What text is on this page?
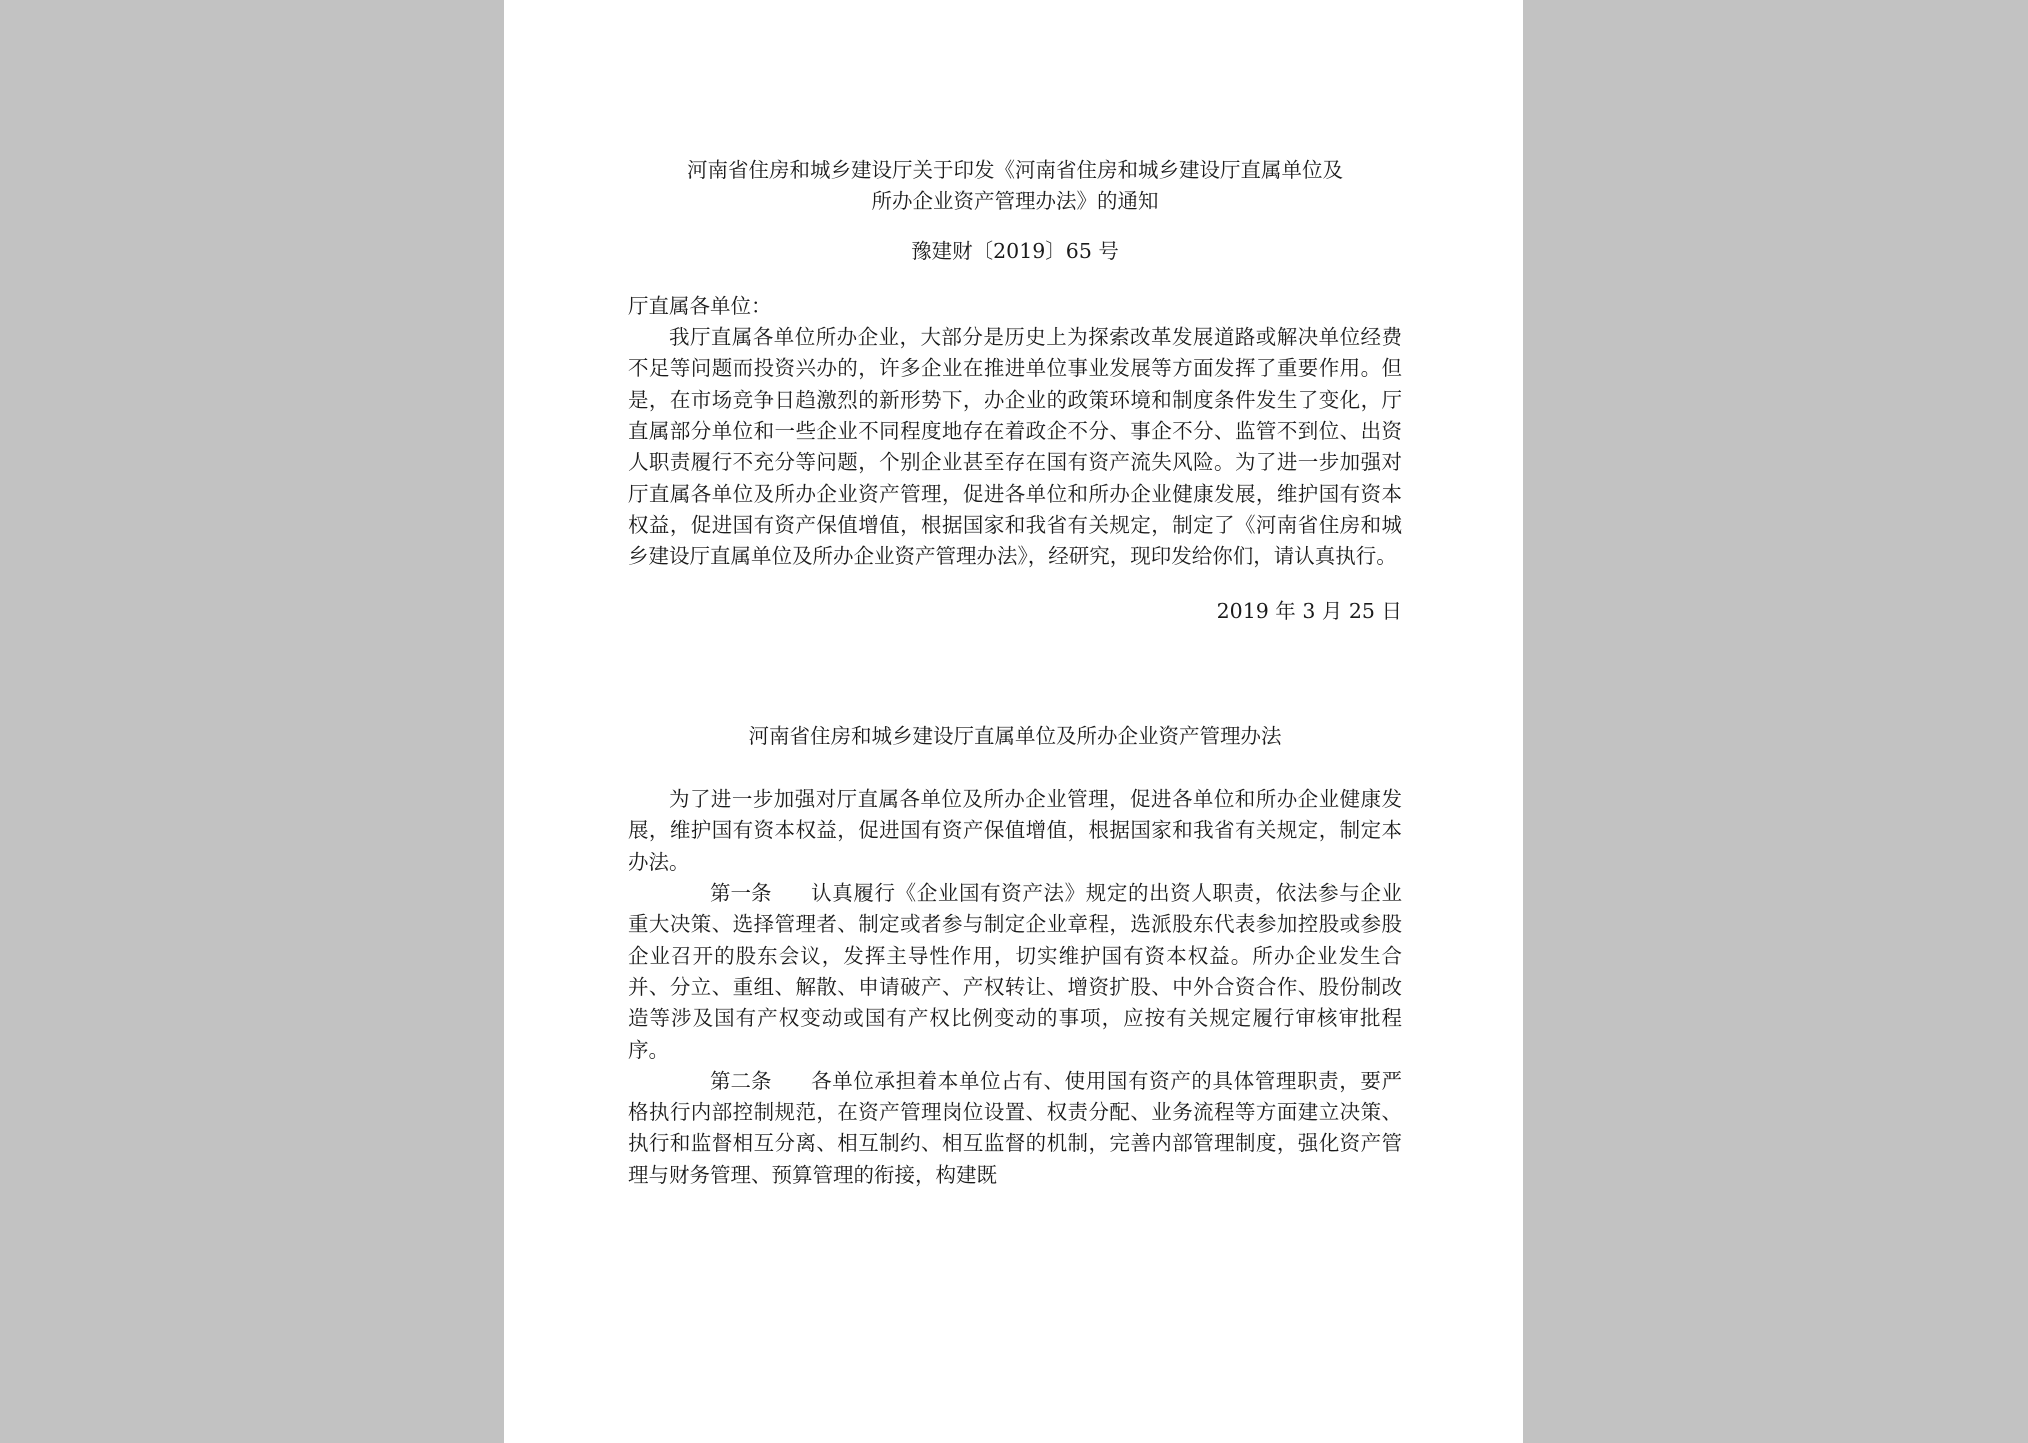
河南省住房和城乡建设厅关于印发《河南省住房和城乡建设厅直属单位及
所办企业资产管理办法》的通知

豫建财〔2019〕65 号

厅直属各单位：

我厅直属各单位所办企业，大部分是历史上为探索改革发展道路或解决单位经费不足等问题而投资兴办的，许多企业在推进单位事业发展等方面发挥了重要作用。但是，在市场竞争日趋激烈的新形势下，办企业的政策环境和制度条件发生了变化，厅直属部分单位和一些企业不同程度地存在着政企不分、事企不分、监管不到位、出资人职责履行不充分等问题，个别企业甚至存在国有资产流失风险。为了进一步加强对厅直属各单位及所办企业资产管理，促进各单位和所办企业健康发展，维护国有资本权益，促进国有资产保值增值，根据国家和我省有关规定，制定了《河南省住房和城乡建设厅直属单位及所办企业资产管理办法》，经研究，现印发给你们，请认真执行。

2019 年 3 月 25 日

河南省住房和城乡建设厅直属单位及所办企业资产管理办法

为了进一步加强对厅直属各单位及所办企业管理，促进各单位和所办企业健康发展，维护国有资本权益，促进国有资产保值增值，根据国家和我省有关规定，制定本办法。

第一条 认真履行《企业国有资产法》规定的出资人职责，依法参与企业重大决策、选择管理者、制定或者参与制定企业章程，选派股东代表参加控股或参股企业召开的股东会议，发挥主导性作用，切实维护国有资本权益。所办企业发生合并、分立、重组、解散、申请破产、产权转让、增资扩股、中外合资合作、股份制改造等涉及国有产权变动或国有产权比例变动的事项，应按有关规定履行审核审批程序。

第二条 各单位承担着本单位占有、使用国有资产的具体管理职责，要严格执行内部控制规范，在资产管理岗位设置、权责分配、业务流程等方面建立决策、执行和监督相互分离、相互制约、相互监督的机制，完善内部管理制度，强化资产管理与财务管理、预算管理的衔接，构建既
